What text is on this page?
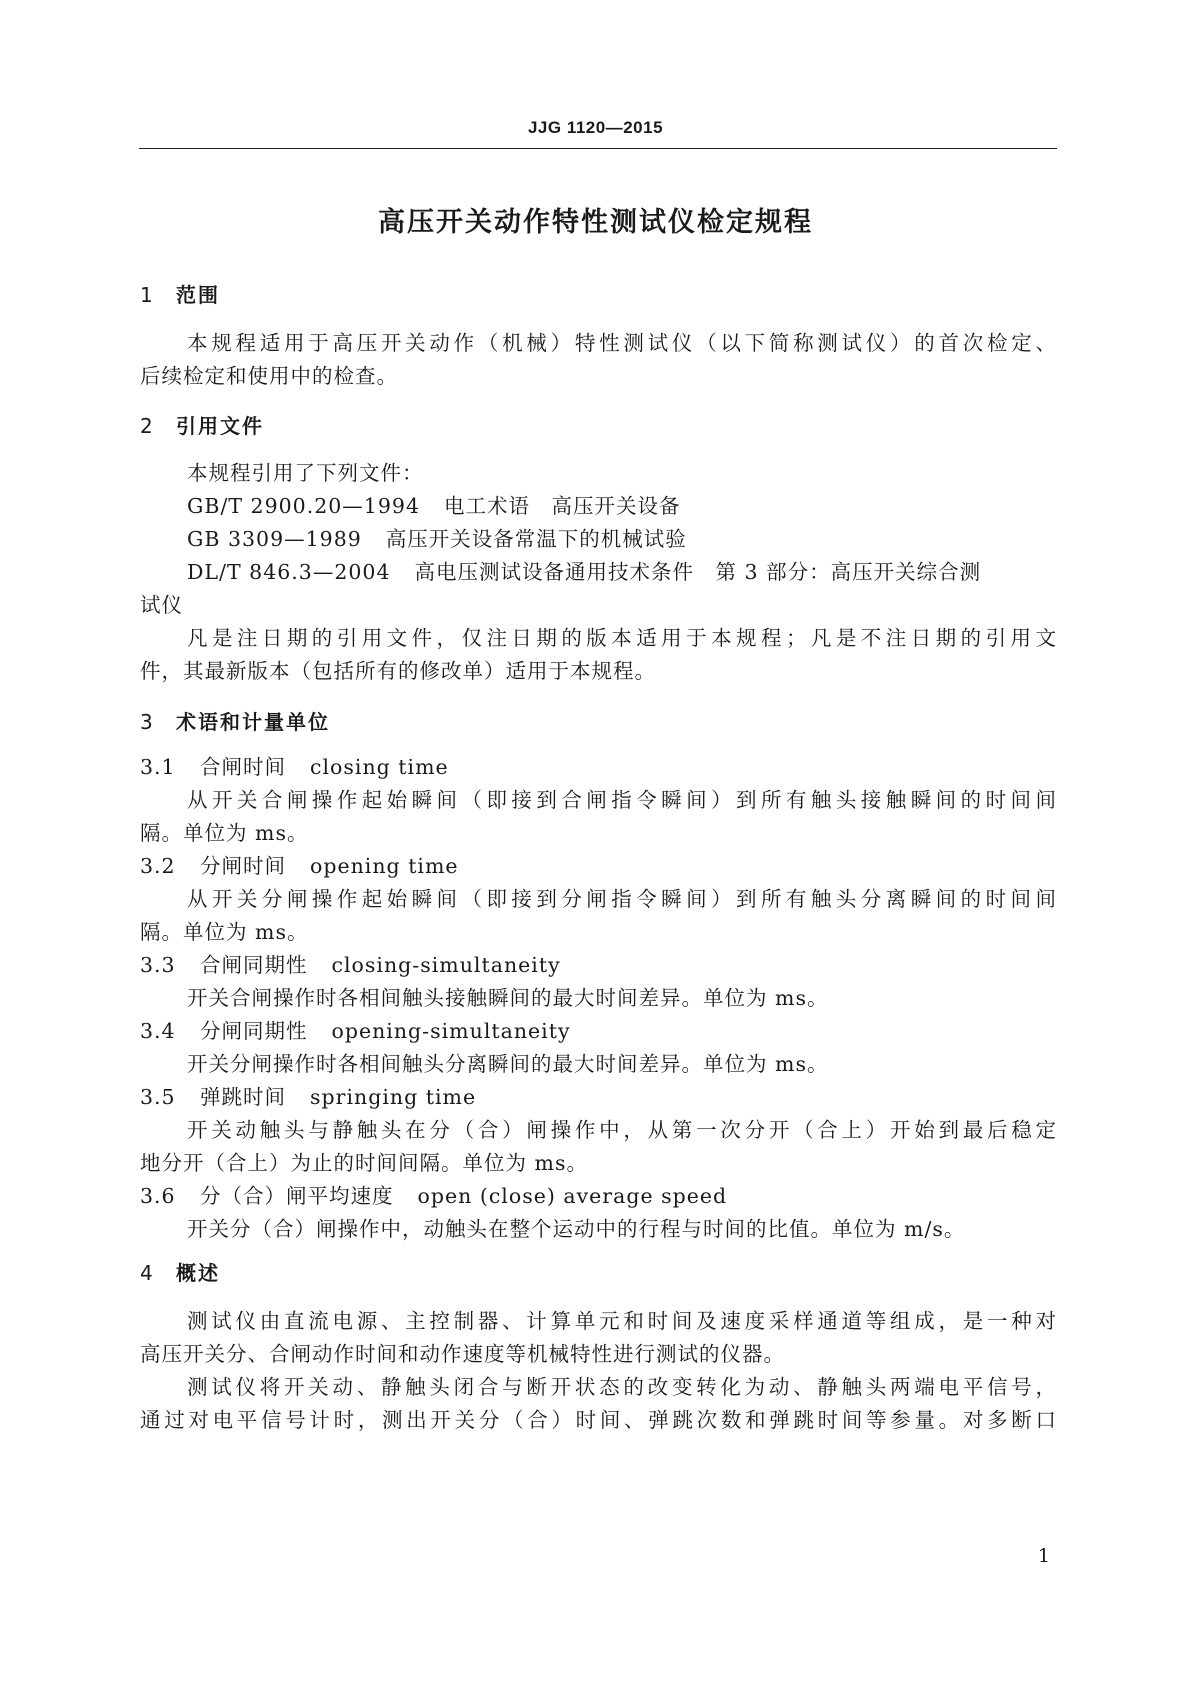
JJG 1120—2015
高压开关动作特性测试仪检定规程
1 范围

本规程适用于高压开关动作（机械）特性测试仪（以下简称测试仪）的首次检定、

后续检定和使用中的检查。

2 引用文件

本规程引用了下列文件：

GB/T 2900.20—1994 电工术语　高压开关设备

GB 3309—1989 高压开关设备常温下的机械试验

DL/T 846.3—2004 高电压测试设备通用技术条件　第 3 部分：高压开关综合测

试仪

凡是注日期的引用文件，仅注日期的版本适用于本规程；凡是不注日期的引用文

件，其最新版本（包括所有的修改单）适用于本规程。

3 术语和计量单位

3.1 合闸时间 closing time

从开关合闸操作起始瞬间（即接到合闸指令瞬间）到所有触头接触瞬间的时间间

隔。单位为 ms。

3.2 分闸时间 opening time

从开关分闸操作起始瞬间（即接到分闸指令瞬间）到所有触头分离瞬间的时间间

隔。单位为 ms。

3.3 合闸同期性 closing-simultaneity

开关合闸操作时各相间触头接触瞬间的最大时间差异。单位为 ms。

3.4 分闸同期性 opening-simultaneity

开关分闸操作时各相间触头分离瞬间的最大时间差异。单位为 ms。

3.5 弹跳时间 springing time

开关动触头与静触头在分（合）闸操作中，从第一次分开（合上）开始到最后稳定

地分开（合上）为止的时间间隔。单位为 ms。

3.6 分（合）闸平均速度 open (close) average speed

开关分（合）闸操作中，动触头在整个运动中的行程与时间的比值。单位为 m/s。

4 概述

测试仪由直流电源、主控制器、计算单元和时间及速度采样通道等组成，是一种对

高压开关分、合闸动作时间和动作速度等机械特性进行测试的仪器。

测试仪将开关动、静触头闭合与断开状态的改变转化为动、静触头两端电平信号，

通过对电平信号计时，测出开关分（合）时间、弹跳次数和弹跳时间等参量。对多断口

1
